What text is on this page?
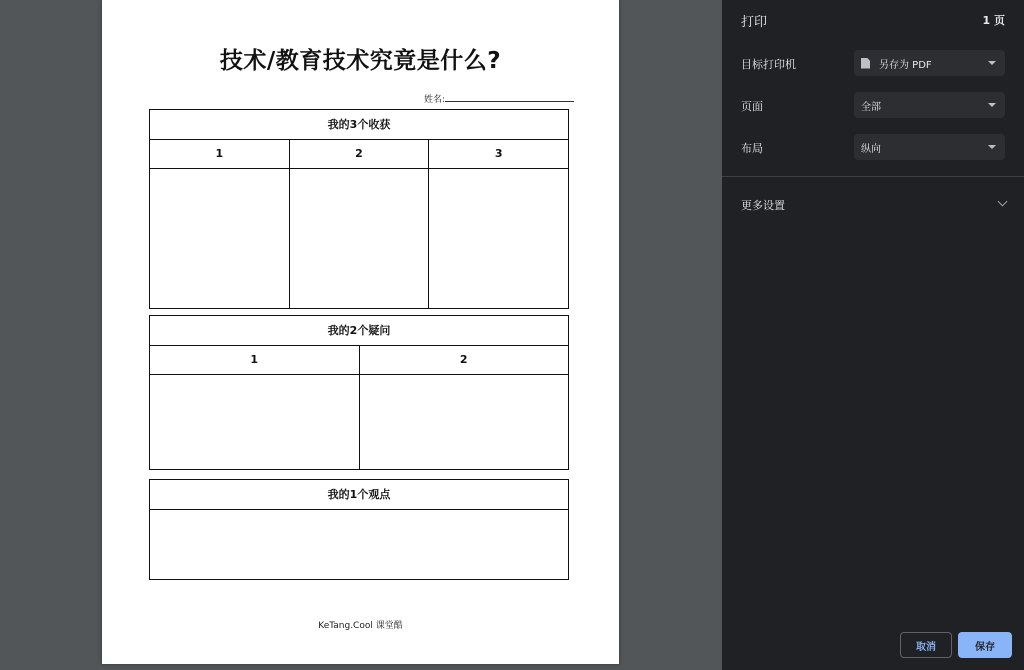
技术/教育技术究竟是什么?
姓名:
我的3个收获
1	2	3
我的2个疑问
1	2
我的1个观点
KeTang.Cool 课堂酷
打印	1 页
目标打印机	另存为 PDF
页面	全部
布局	纵向
更多设置
取消	保存
